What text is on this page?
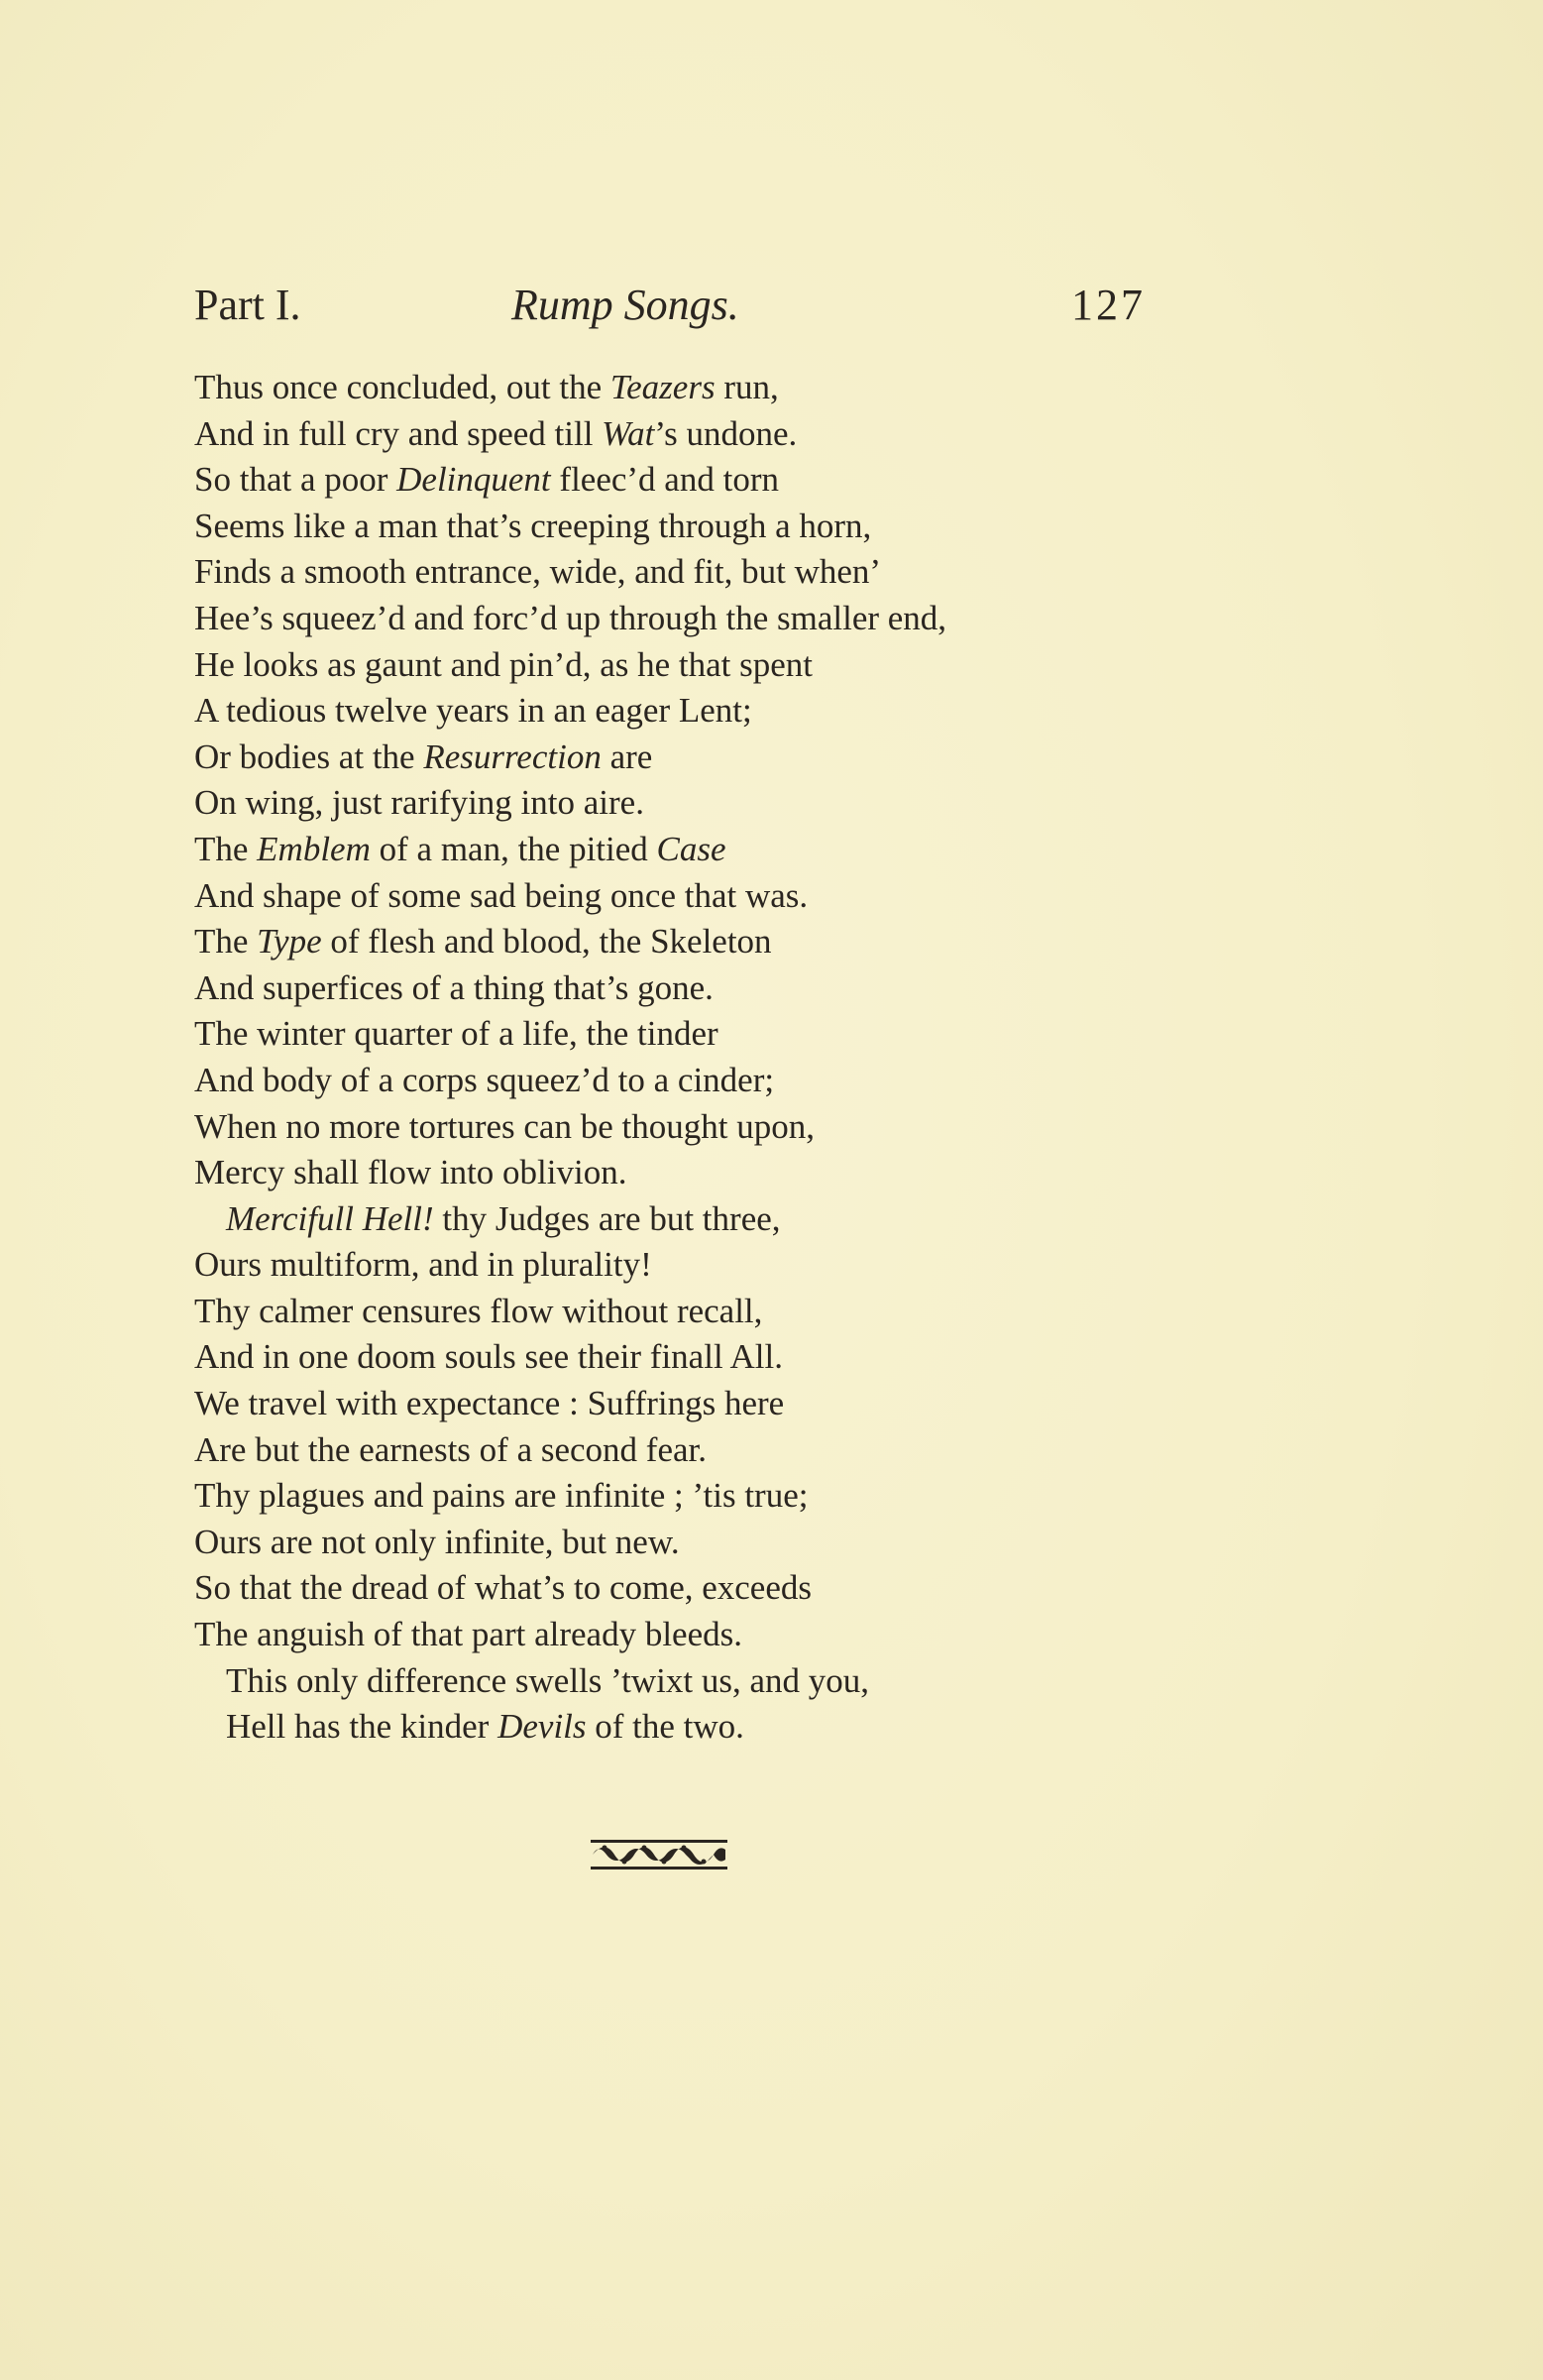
Part I.	Rump Songs.	127
Thus once concluded, out the Teazers run,
And in full cry and speed till Wat’s undone.
So that a poor Delinquent fleec’d and torn
Seems like a man that’s creeping through a horn,
Finds a smooth entrance, wide, and fit, but when’
Hee’s squeez’d and forc’d up through the smaller end,
He looks as gaunt and pin’d, as he that spent
A tedious twelve years in an eager Lent;
Or bodies at the Resurrection are
On wing, just rarifying into aire.
The Emblem of a man, the pitied Case
And shape of some sad being once that was.
The Type of flesh and blood, the Skeleton
And superfices of a thing that’s gone.
The winter quarter of a life, the tinder
And body of a corps squeez’d to a cinder;
When no more tortures can be thought upon,
Mercy shall flow into oblivion.
Mercifull Hell! thy Judges are but three,
Ours multiform, and in plurality!
Thy calmer censures flow without recall,
And in one doom souls see their finall All.
We travel with expectance : Suffrings here
Are but the earnests of a second fear.
Thy plagues and pains are infinite ; ’tis true;
Ours are not only infinite, but new.
So that the dread of what’s to come, exceeds
The anguish of that part already bleeds.
This only difference swells ’twixt us, and you,
Hell has the kinder Devils of the two.
